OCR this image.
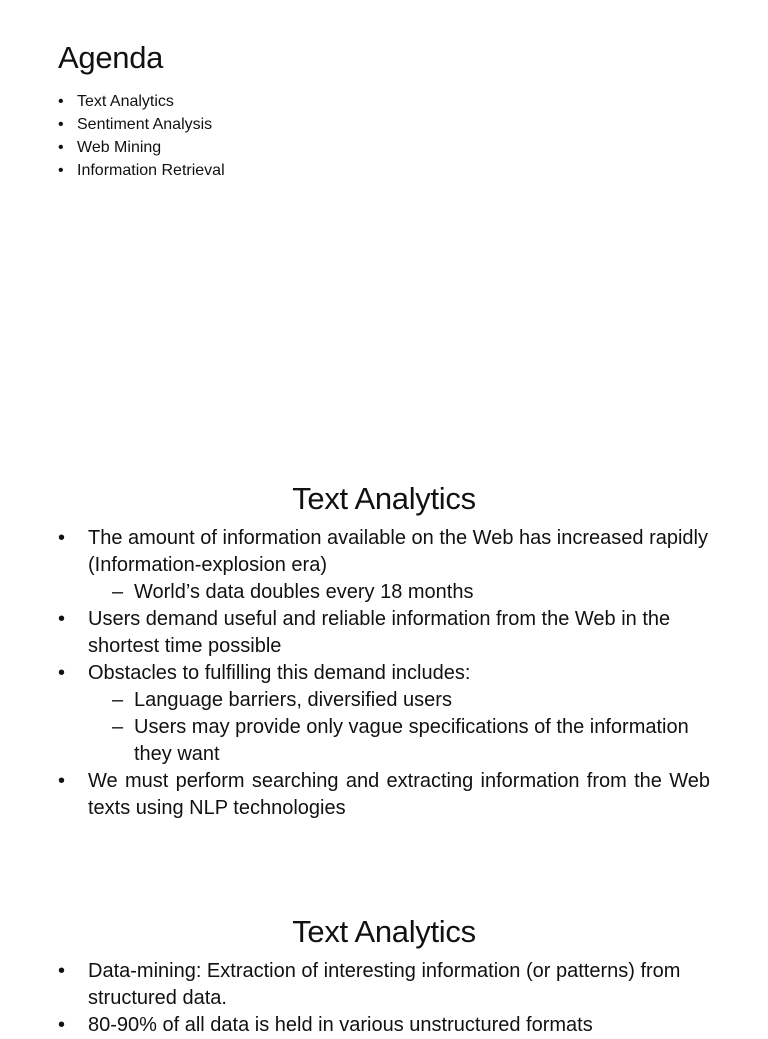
Agenda
• Text Analytics
• Sentiment Analysis
• Web Mining
• Information Retrieval
Text Analytics
• The amount of information available on the Web has increased rapidly (Information-explosion era)
– World’s data doubles every 18 months
• Users demand useful and reliable information from the Web in the shortest time possible
• Obstacles to fulfilling this demand includes:
– Language barriers, diversified users
– Users may provide only vague specifications of the information they want
• We must perform searching and extracting information from the Web texts using NLP technologies
Text Analytics
• Data-mining: Extraction of interesting information (or patterns) from structured data.
• 80-90% of all data is held in various unstructured formats
